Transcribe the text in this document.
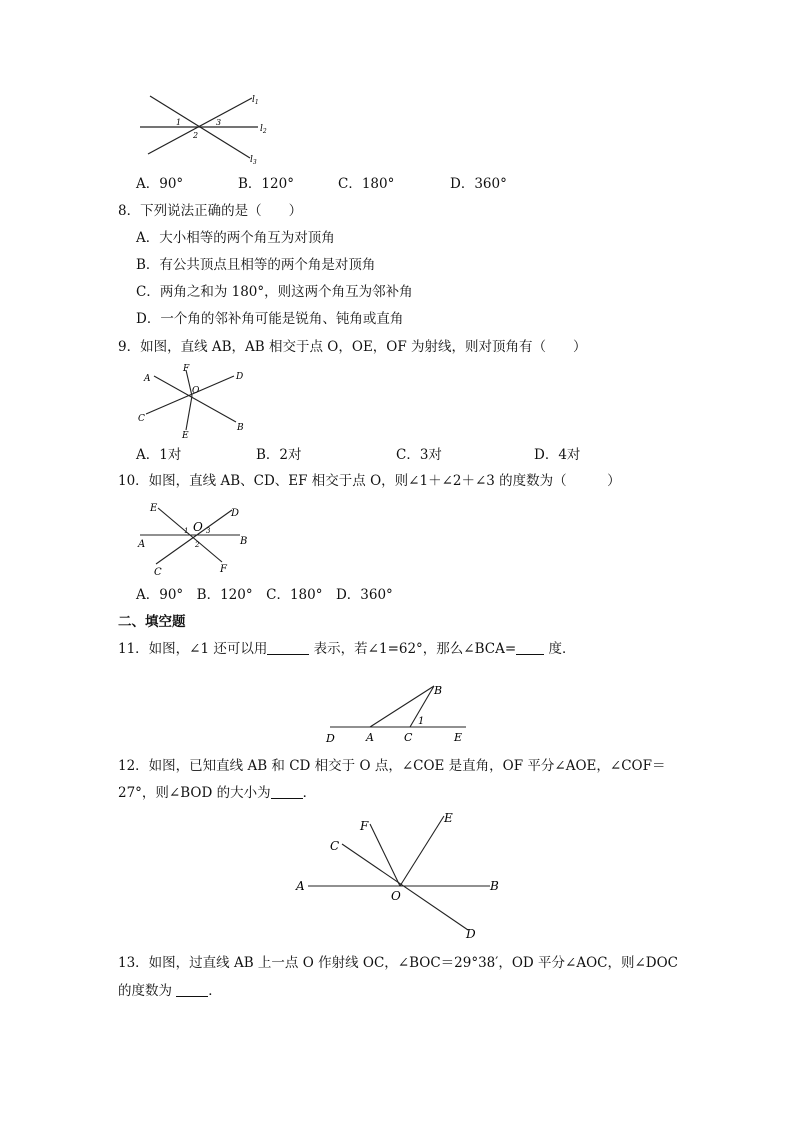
$l_1$
$l_2$
$l_3$
1
2
3
A．90°	B．120°	C．180°	D．360°
8．下列说法正确的是（　　）
A．大小相等的两个角互为对顶角
B．有公共顶点且相等的两个角是对顶角
C．两角之和为 180°，则这两个角互为邻补角
D．一个角的邻补角可能是锐角、钝角或直角
9．如图，直线 AB，AB 相交于点 O，OE，OF 为射线，则对顶角有（　　）
A
B
C
D
E
F
O
A．1对	B．2对	C．3对	D．4对
10．如图，直线 AB、CD、EF 相交于点 O，则∠1＋∠2＋∠3 的度数为（　　　）
E	D
A	B
C	F
O
1
2
3
A．90°　B．120°　C．180°　D．360°
二、填空题
11．如图，∠1 还可以用	表示，若∠1=62°，那么∠BCA= 度．
B
D	A	C	E
1
12．如图，已知直线 AB 和 CD 相交于 O 点，∠COE 是直角，OF 平分∠AOE，∠COF＝
27°，则∠BOD 的大小为 ．
A	B
C
D
E
F
O
13．如图，过直线 AB 上一点 O 作射线 OC，∠BOC＝29°38′，OD 平分∠AOC，则∠DOC
的度数为 ．
